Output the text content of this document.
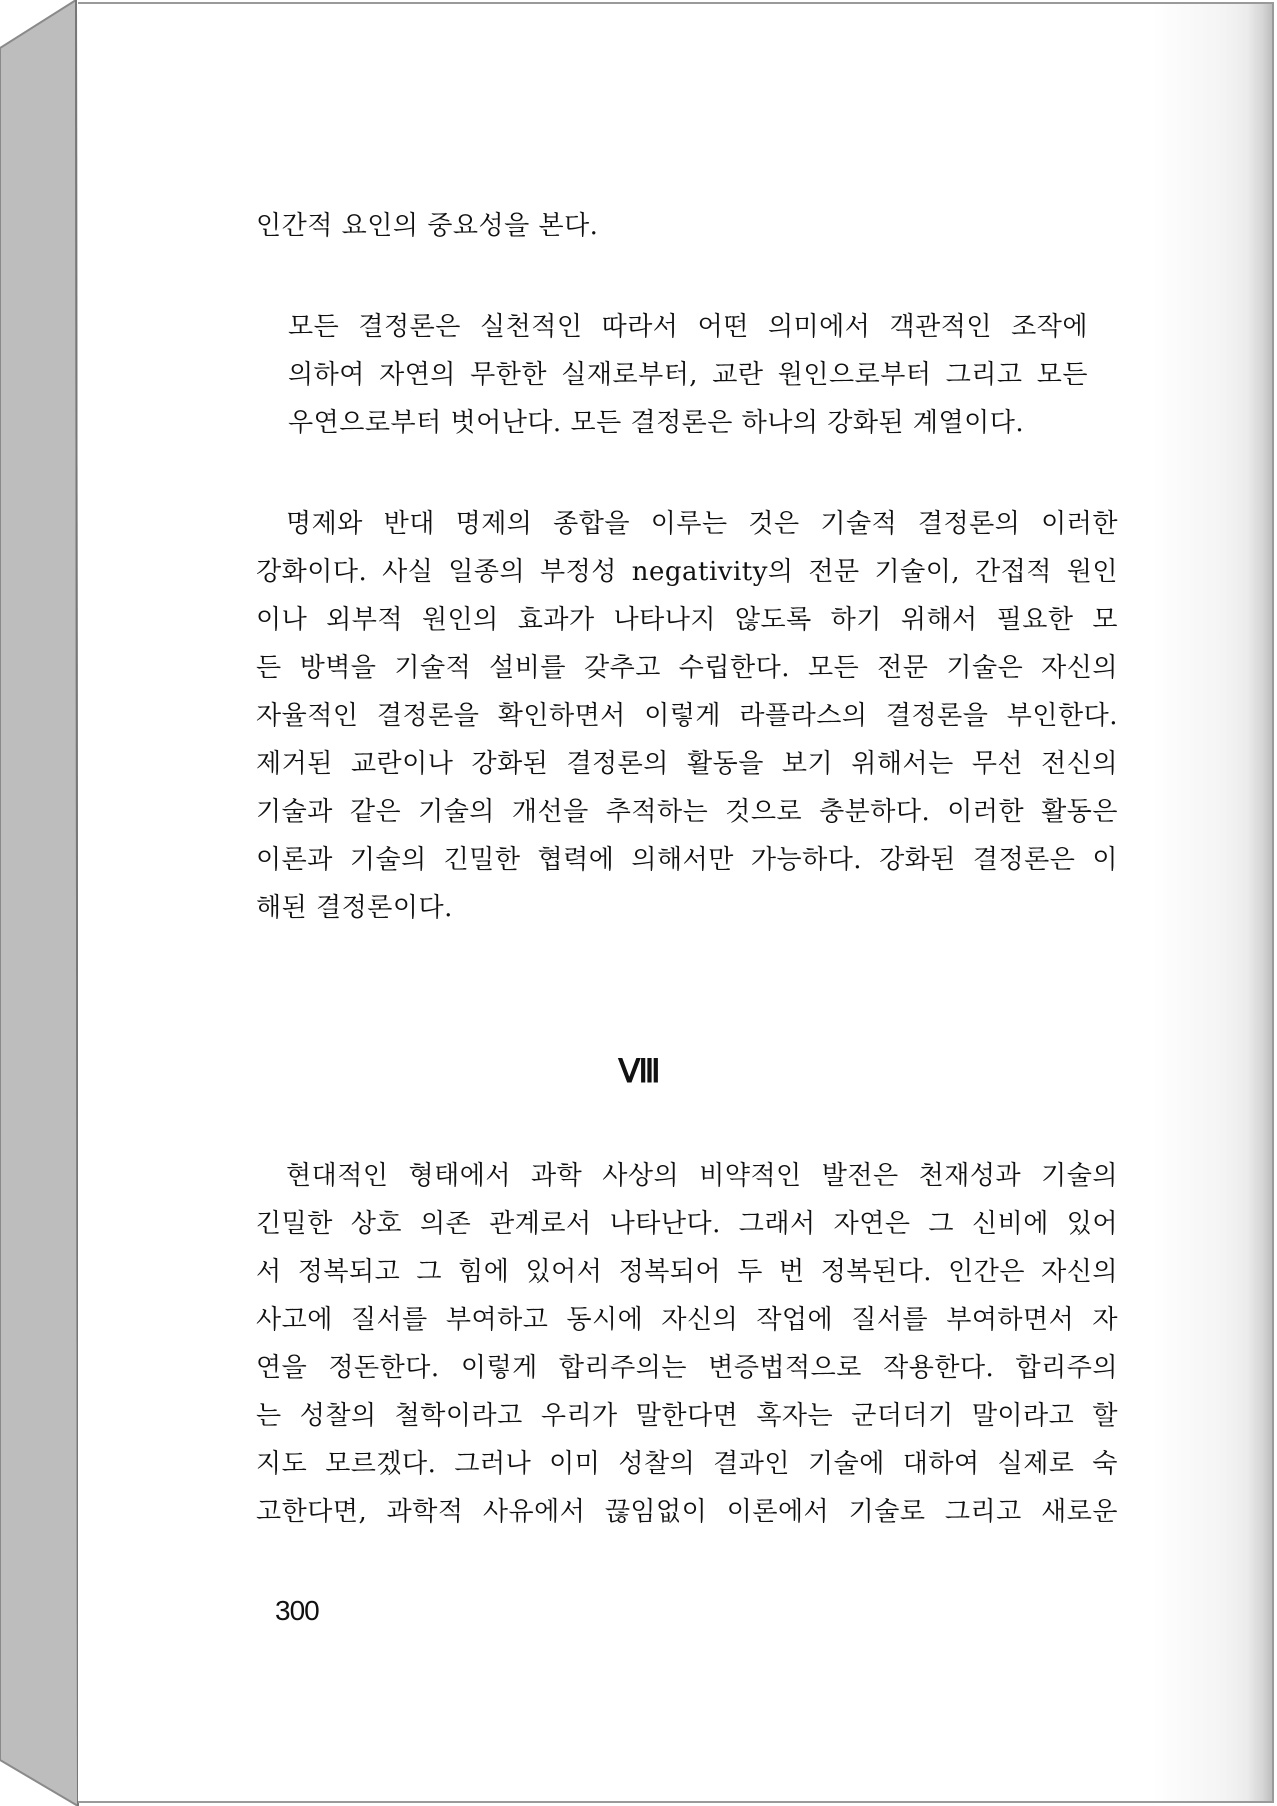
인간적 요인의 중요성을 본다.
모든 결정론은 실천적인 따라서 어떤 의미에서 객관적인 조작에
의하여 자연의 무한한 실재로부터, 교란 원인으로부터 그리고 모든
우연으로부터 벗어난다. 모든 결정론은 하나의 강화된 계열이다.
명제와 반대 명제의 종합을 이루는 것은 기술적 결정론의 이러한
강화이다. 사실 일종의 부정성 negativity의 전문 기술이, 간접적 원인
이나 외부적 원인의 효과가 나타나지 않도록 하기 위해서 필요한 모
든 방벽을 기술적 설비를 갖추고 수립한다. 모든 전문 기술은 자신의
자율적인 결정론을 확인하면서 이렇게 라플라스의 결정론을 부인한다.
제거된 교란이나 강화된 결정론의 활동을 보기 위해서는 무선 전신의
기술과 같은 기술의 개선을 추적하는 것으로 충분하다. 이러한 활동은
이론과 기술의 긴밀한 협력에 의해서만 가능하다. 강화된 결정론은 이
해된 결정론이다.
Ⅷ
현대적인 형태에서 과학 사상의 비약적인 발전은 천재성과 기술의
긴밀한 상호 의존 관계로서 나타난다. 그래서 자연은 그 신비에 있어
서 정복되고 그 힘에 있어서 정복되어 두 번 정복된다. 인간은 자신의
사고에 질서를 부여하고 동시에 자신의 작업에 질서를 부여하면서 자
연을 정돈한다. 이렇게 합리주의는 변증법적으로 작용한다. 합리주의
는 성찰의 철학이라고 우리가 말한다면 혹자는 군더더기 말이라고 할
지도 모르겠다. 그러나 이미 성찰의 결과인 기술에 대하여 실제로 숙
고한다면, 과학적 사유에서 끊임없이 이론에서 기술로 그리고 새로운
300
